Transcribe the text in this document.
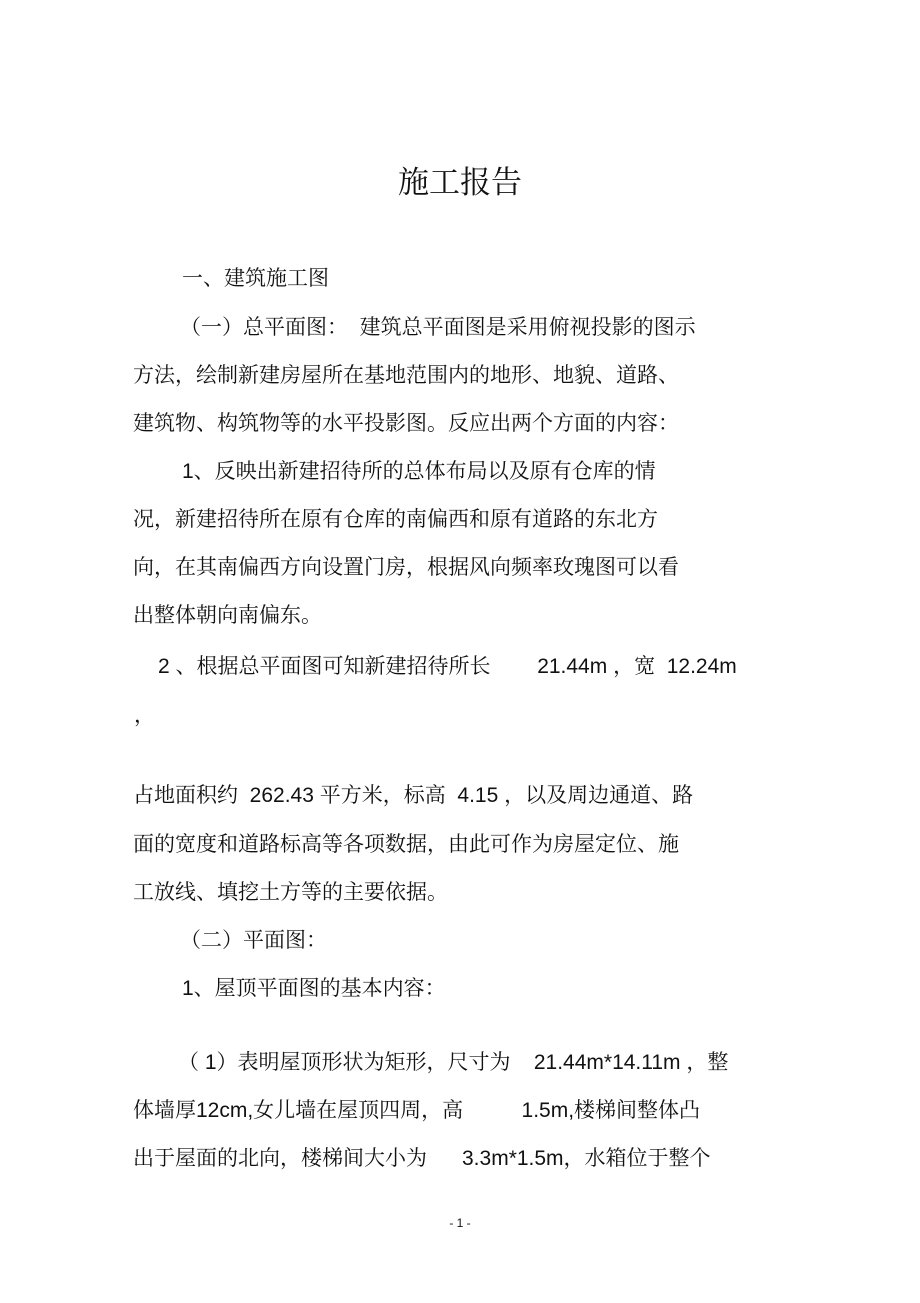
施工报告
一、建筑施工图
（一）总平面图：  建筑总平面图是采用俯视投影的图示
方法，绘制新建房屋所在基地范围内的地形、地貌、道路、
建筑物、构筑物等的水平投影图。反应出两个方面的内容：
1、反映出新建招待所的总体布局以及原有仓库的情
况，新建招待所在原有仓库的南偏西和原有道路的东北方
向，在其南偏西方向设置门房，根据风向频率玫瑰图可以看
出整体朝向南偏东。
2 、根据总平面图可知新建招待所长        21.44m ，宽  12.24m
，
占地面积约  262.43 平方米，标高  4.15 ，以及周边通道、路
面的宽度和道路标高等各项数据，由此可作为房屋定位、施
工放线、填挖土方等的主要依据。
（二）平面图：
1、屋顶平面图的基本内容：
（ 1）表明屋顶形状为矩形，尺寸为    21.44m*14.11m ，整
体墙厚12cm,女儿墙在屋顶四周，高          1.5m,楼梯间整体凸
出于屋面的北向，楼梯间大小为      3.3m*1.5m，水箱位于整个
- 1 -
